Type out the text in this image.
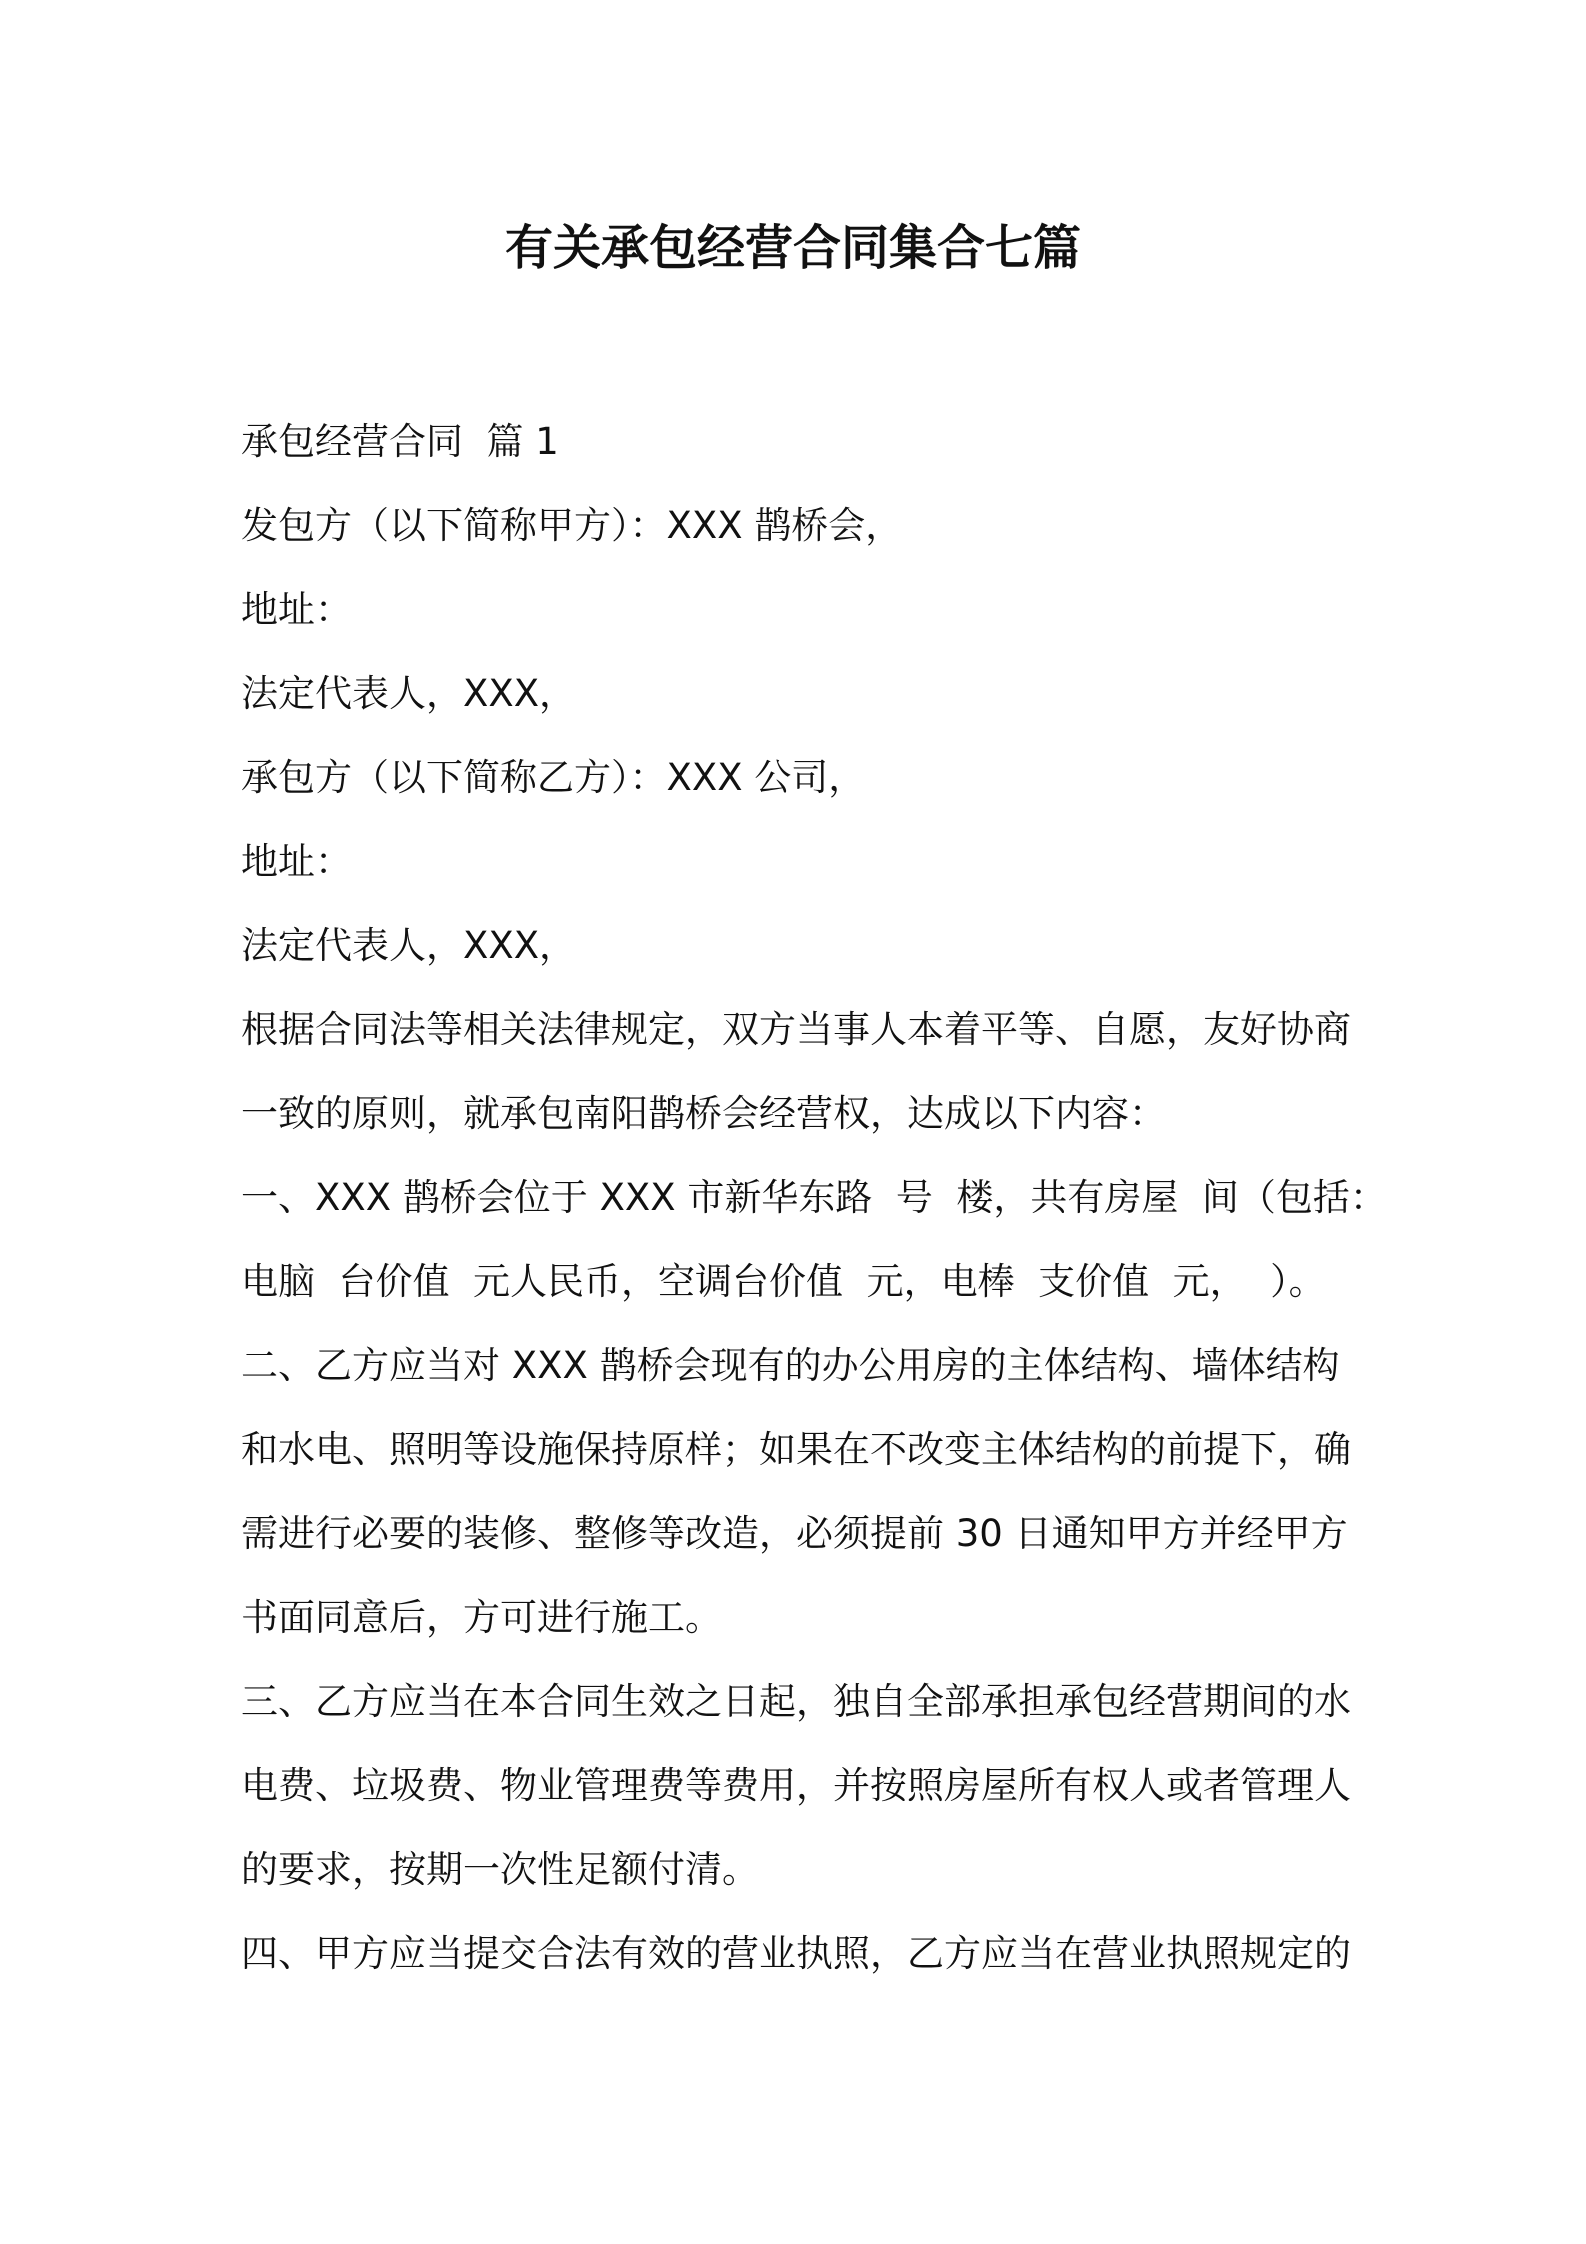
有关承包经营合同集合七篇

承包经营合同  篇 1

发包方（以下简称甲方）：XXX 鹊桥会，

地址：

法定代表人，XXX，

承包方（以下简称乙方）：XXX 公司，

地址：

法定代表人，XXX，

根据合同法等相关法律规定，双方当事人本着平等、自愿，友好协商

一致的原则，就承包南阳鹊桥会经营权，达成以下内容：

一、XXX 鹊桥会位于 XXX 市新华东路  号  楼，共有房屋  间（包括：

电脑  台价值  元人民币，空调台价值  元，电棒  支价值  元，  ）。

二、乙方应当对 XXX 鹊桥会现有的办公用房的主体结构、墙体结构

和水电、照明等设施保持原样；如果在不改变主体结构的前提下，确

需进行必要的装修、整修等改造，必须提前 30 日通知甲方并经甲方

书面同意后，方可进行施工。

三、乙方应当在本合同生效之日起，独自全部承担承包经营期间的水

电费、垃圾费、物业管理费等费用，并按照房屋所有权人或者管理人

的要求，按期一次性足额付清。

四、甲方应当提交合法有效的营业执照，乙方应当在营业执照规定的
